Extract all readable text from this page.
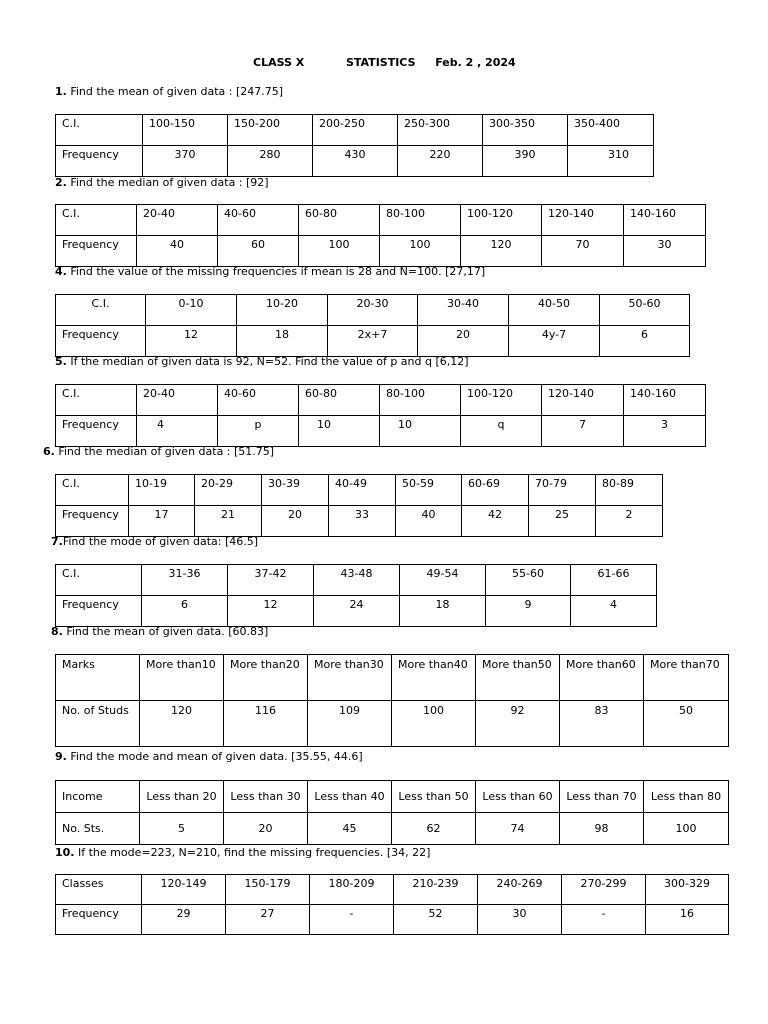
CLASS X	STATISTICS Feb. 2 , 2024
1. Find the mean of given data : [247.75]
C.I.	100-150	150-200	200-250	250-300	300-350	350-400
Frequency	370	280	430	220	390	310
2. Find the median of given data : [92]
C.I.	20-40	40-60	60-80	80-100	100-120	120-140	140-160
Frequency	40	60	100	100	120	70	30
4. Find the value of the missing frequencies if mean is 28 and N=100. [27,17]
C.I.	0-10	10-20	20-30	30-40	40-50	50-60
Frequency	12	18	2x+7	20	4y-7	6
5. If the median of given data is 92, N=52. Find the value of p and q [6,12]
C.I.	20-40	40-60	60-80	80-100	100-120	120-140	140-160
Frequency	4	p	10	10	q	7	3
6. Find the median of given data : [51.75]
C.I.	10-19	20-29	30-39	40-49	50-59	60-69	70-79	80-89
Frequency	17	21	20	33	40	42	25	2
7.Find the mode of given data: [46.5]
C.I.	31-36	37-42	43-48	49-54	55-60	61-66
Frequency	6	12	24	18	9	4
8. Find the mean of given data. [60.83]
Marks	More than10	More than20	More than30	More than40	More than50	More than60	More than70
No. of Studs	120	116	109	100	92	83	50
9. Find the mode and mean of given data. [35.55, 44.6]
Income	Less than 20	Less than 30	Less than 40	Less than 50	Less than 60	Less than 70	Less than 80
No. Sts.	5	20	45	62	74	98	100
10. If the mode=223, N=210, find the missing frequencies. [34, 22]
Classes	120-149	150-179	180-209	210-239	240-269	270-299	300-329
Frequency	29	27	-	52	30	-	16
